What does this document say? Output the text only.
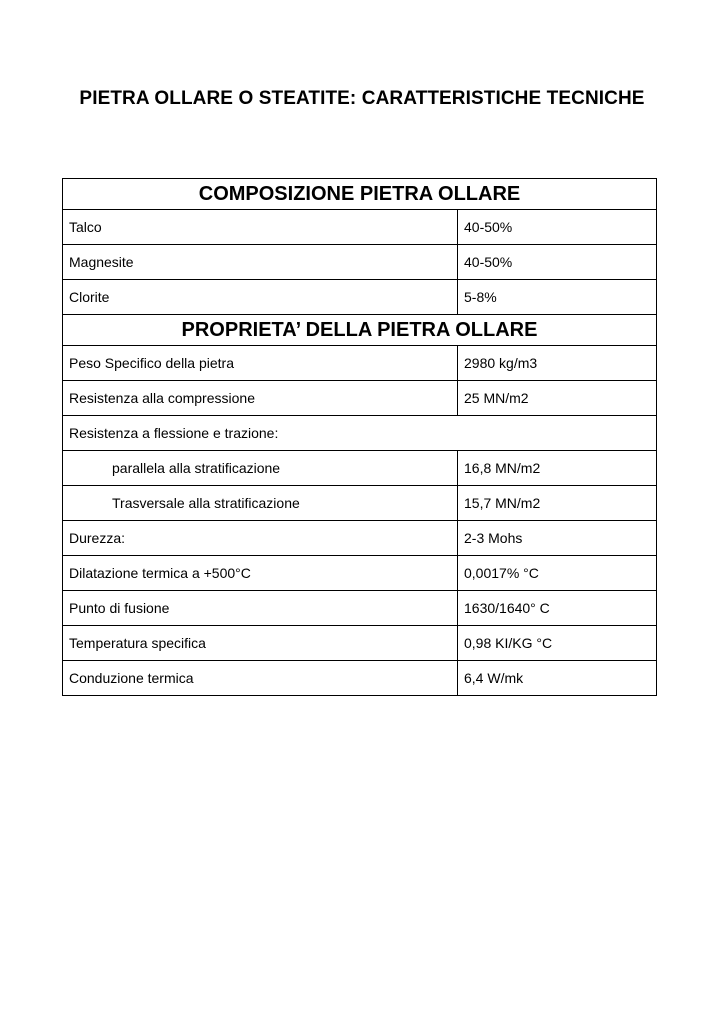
PIETRA OLLARE O STEATITE: CARATTERISTICHE TECNICHE
COMPOSIZIONE PIETRA OLLARE	
Talco	40-50%
Magnesite	40-50%
Clorite	5-8%
PROPRIETA’ DELLA PIETRA OLLARE	
Peso Specifico della pietra	2980 kg/m3
Resistenza alla compressione	25 MN/m2
Resistenza a flessione e trazione:	
parallela alla stratificazione	16,8 MN/m2
Trasversale alla stratificazione	15,7 MN/m2
Durezza:	2-3 Mohs
Dilatazione termica a +500°C	0,0017% °C
Punto di fusione	1630/1640° C
Temperatura specifica	0,98 KI/KG °C
Conduzione termica	6,4 W/mk
